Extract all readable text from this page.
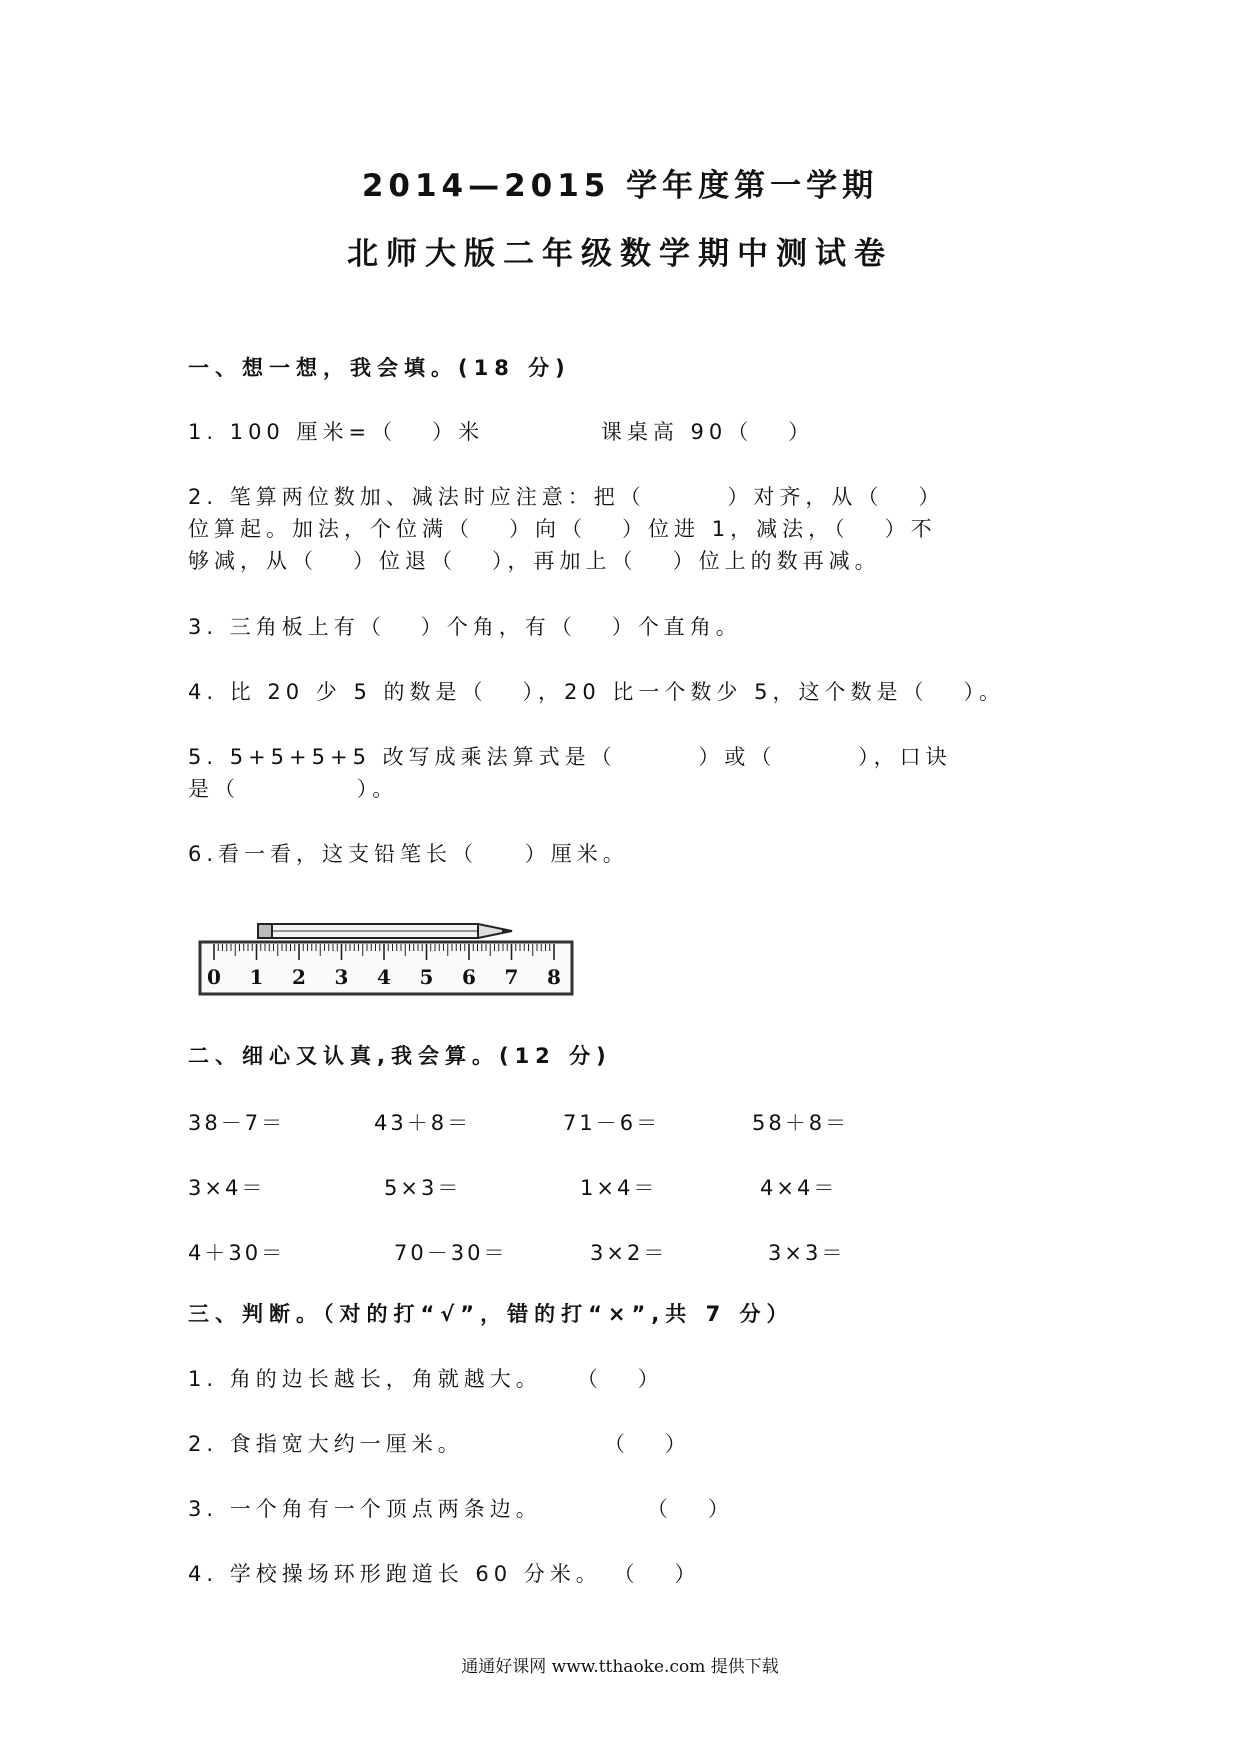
2014—2015 学年度第一学期
北师大版二年级数学期中测试卷
一、想一想，我会填。(18 分)
1. 100 厘米=（   ）米          课桌高 90（   ）
2. 笔算两位数加、减法时应注意：把（       ）对齐，从（   ）
位算起。加法，个位满（   ）向（   ）位进 1，减法，（   ）不
够减，从（   ）位退（   ），再加上（   ）位上的数再减。
3. 三角板上有（   ）个角，有（   ）个直角。
4. 比 20 少 5 的数是（   ），20 比一个数少 5，这个数是（   ）。
5. 5+5+5+5 改写成乘法算式是（       ）或（       ），口诀
是（          ）。
6.看一看，这支铅笔长（    ）厘米。
0 1 2 3 4 5 6 7 8
二、细心又认真,我会算。(12 分)
38－7＝	43＋8＝	71－6＝	58＋8＝
3×4＝	5×3＝	1×4＝	4×4＝
4＋30＝	70－30＝	3×2＝	3×3＝
三、判断。（对的打“√”，错的打“×”,共 7 分）
1. 角的边长越长，角就越大。   （   ）
2. 食指宽大约一厘米。            （   ）
3. 一个角有一个顶点两条边。         （   ）
4. 学校操场环形跑道长 60 分米。 （   ）
通通好课网 www.tthaoke.com 提供下载
